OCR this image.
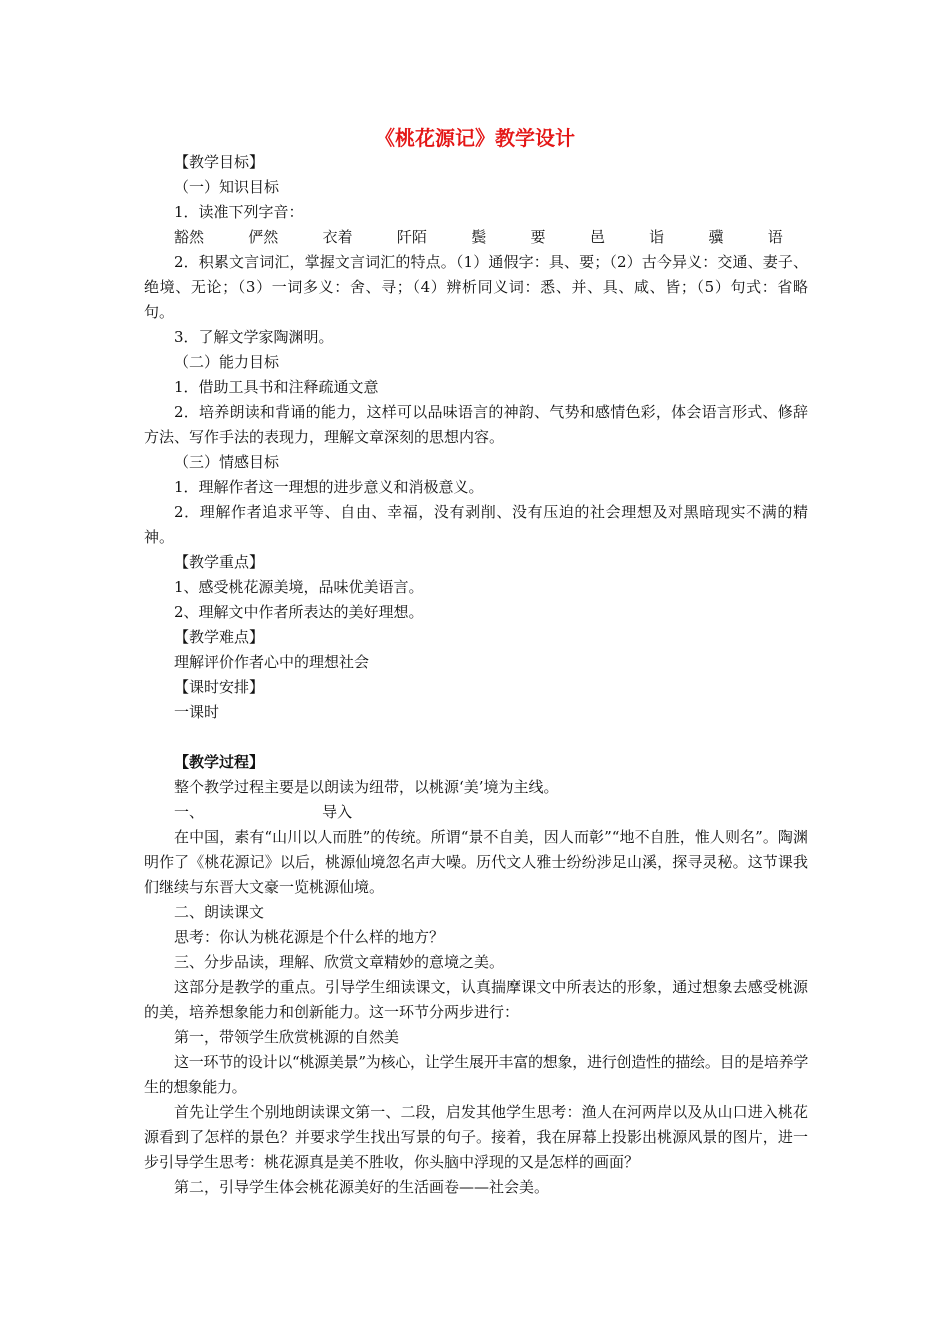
《桃花源记》教学设计

【教学目标】

（一）知识目标

1．读准下列字音：

豁然   俨然   衣着   阡陌   鬓   要   邑   诣   骥   语

2．积累文言词汇，掌握文言词汇的特点。（1）通假字：具、要；（2）古今异义：交通、妻子、绝境、无论；（3）一词多义：舍、寻；（4）辨析同义词：悉、并、具、咸、皆；（5）句式：省略句。

3．了解文学家陶渊明。

（二）能力目标

1．借助工具书和注释疏通文意

2．培养朗读和背诵的能力，这样可以品味语言的神韵、气势和感情色彩，体会语言形式、修辞方法、写作手法的表现力，理解文章深刻的思想内容。

（三）情感目标

1．理解作者这一理想的进步意义和消极意义。

2．理解作者追求平等、自由、幸福，没有剥削、没有压迫的社会理想及对黑暗现实不满的精神。

【教学重点】

1、感受桃花源美境，品味优美语言。

2、理解文中作者所表达的美好理想。

【教学难点】

理解评价作者心中的理想社会

【课时安排】

一课时

【教学过程】

整个教学过程主要是以朗读为纽带，以桃源‘美’境为主线。

一、        导入

在中国，素有“山川以人而胜”的传统。所谓“景不自美，因人而彰”“地不自胜，惟人则名”。陶渊明作了《桃花源记》以后，桃源仙境忽名声大噪。历代文人雅士纷纷涉足山溪，探寻灵秘。这节课我们继续与东晋大文豪一览桃源仙境。

二、朗读课文

思考：你认为桃花源是个什么样的地方？

三、分步品读，理解、欣赏文章精妙的意境之美。

这部分是教学的重点。引导学生细读课文，认真揣摩课文中所表达的形象，通过想象去感受桃源的美，培养想象能力和创新能力。这一环节分两步进行：

第一，带领学生欣赏桃源的自然美

这一环节的设计以“桃源美景”为核心，让学生展开丰富的想象，进行创造性的描绘。目的是培养学生的想象能力。

首先让学生个别地朗读课文第一、二段，启发其他学生思考：渔人在河两岸以及从山口进入桃花源看到了怎样的景色？并要求学生找出写景的句子。接着，我在屏幕上投影出桃源风景的图片，进一步引导学生思考：桃花源真是美不胜收，你头脑中浮现的又是怎样的画面？

第二，引导学生体会桃花源美好的生活画卷——社会美。
